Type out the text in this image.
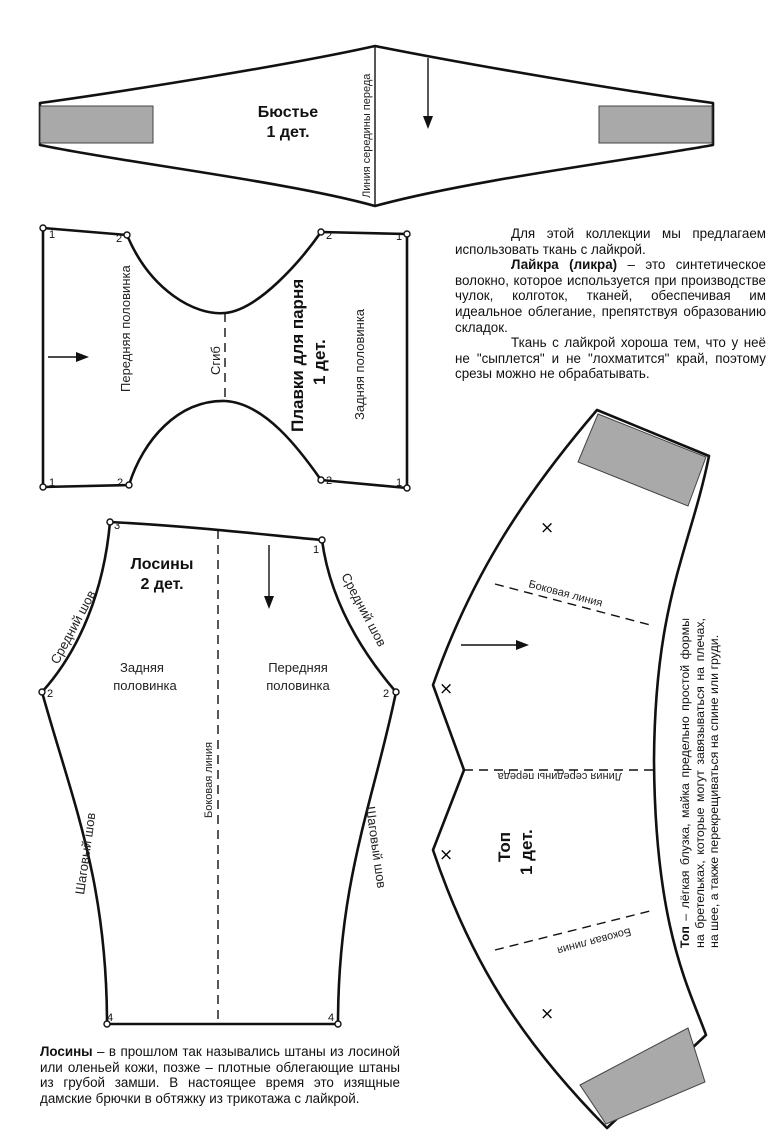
Бюстье
1 дет.	Линия середины переда
1	2	2	1
1	2	2	1
Передняя половинка	Сгиб	Плавки для парня 1 дет. Задняя половинка
3
1
2	2
4	4
Лосины
2 дет.
Задняя
половинка
Передняя
половинка
Боковая линия
Средний шов	Средний шов
Шаговый шов	Шаговый шов
×
×
×
×
Боковая линия
Линия середины переда
Боковая линия
Топ 1 дет.

Для этой коллекции мы предлагаем использовать ткань с лайкрой.

Лайкра (ликра) – это синтетическое волокно, которое используется при производстве чулок, колготок, тканей, обеспечивая им идеальное облегание, препятствуя образованию складок.

Ткань с лайкрой хороша тем, что у неё не "сыплется" и не "лохматится" край, поэтому срезы можно не обрабатывать.

Лосины – в прошлом так назывались штаны из лосиной или оленьей кожи, позже – плотные облегающие штаны из грубой замши. В настоящее время это изящные дамские брючки в обтяжку из трикотажа с лайкрой.
Топ – лёгкая блузка, майка предельно простой формы на бретельках, которые могут завязываться на плечах, на шее, а также перекрещиваться на спине или груди.
